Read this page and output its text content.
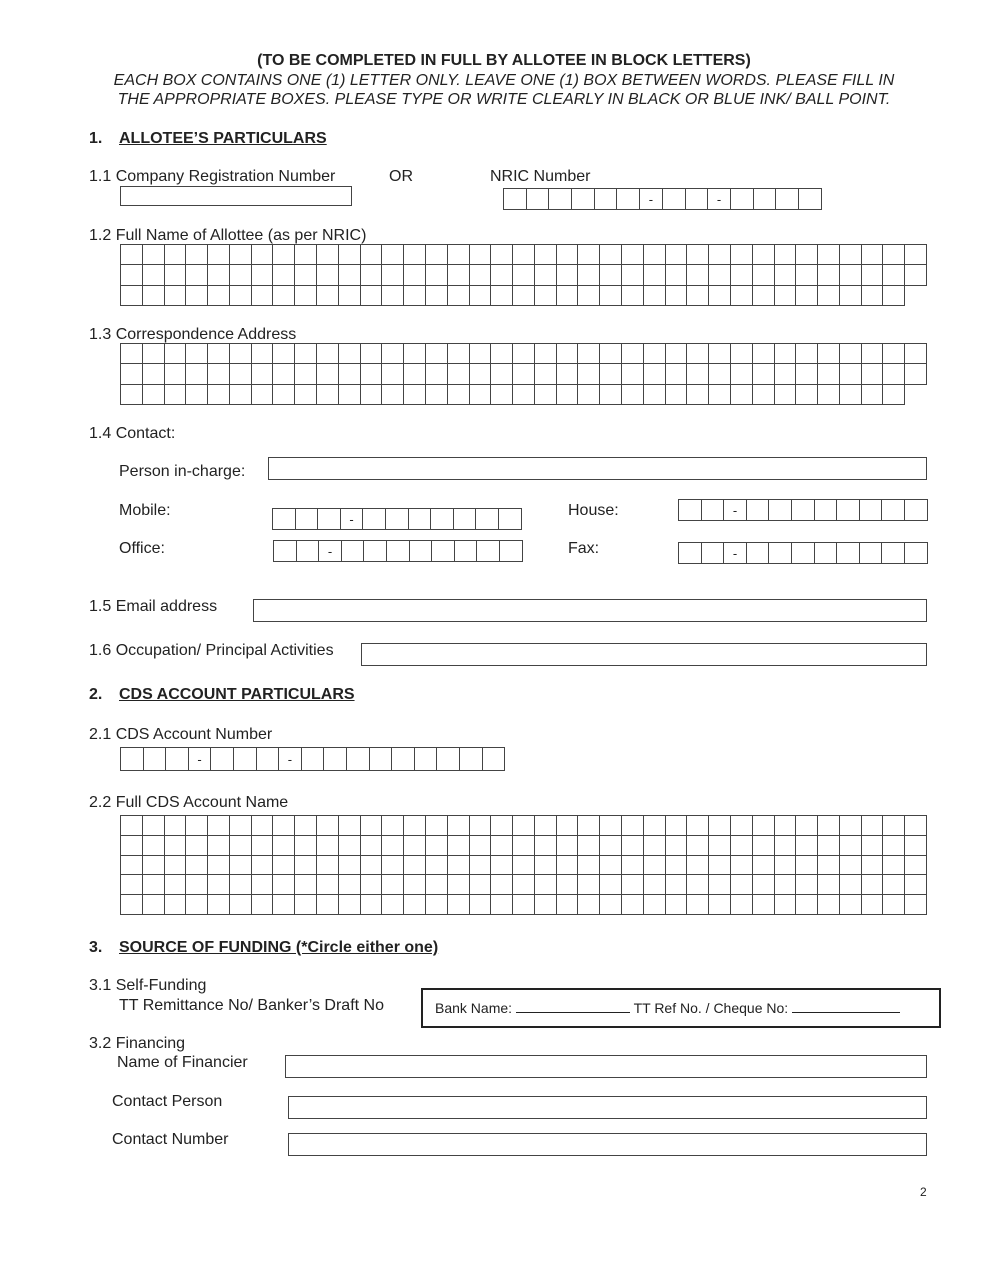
(TO BE COMPLETED IN FULL BY ALLOTEE IN BLOCK LETTERS)
EACH BOX CONTAINS ONE (1) LETTER ONLY. LEAVE ONE (1) BOX BETWEEN WORDS. PLEASE FILL IN
THE APPROPRIATE BOXES. PLEASE TYPE OR WRITE CLEARLY IN BLACK OR BLUE INK/ BALL POINT.
1. ALLOTEE’S PARTICULARS
1.1 Company Registration Number	OR	NRIC Number
-	-
1.2 Full Name of Allottee (as per NRIC)
1.3 Correspondence Address
1.4 Contact:
Person in-charge:
Mobile:	-	House:	-
Office:	-	Fax:	-
1.5 Email address
1.6 Occupation/ Principal Activities
2. CDS ACCOUNT PARTICULARS
2.1 CDS Account Number
-	-
2.2 Full CDS Account Name
3. SOURCE OF FUNDING (*Circle either one)
3.1 Self-Funding
TT Remittance No/ Banker’s Draft No	Bank Name:	TT Ref No. / Cheque No:
3.2 Financing
Name of Financier
Contact Person
Contact Number
2
